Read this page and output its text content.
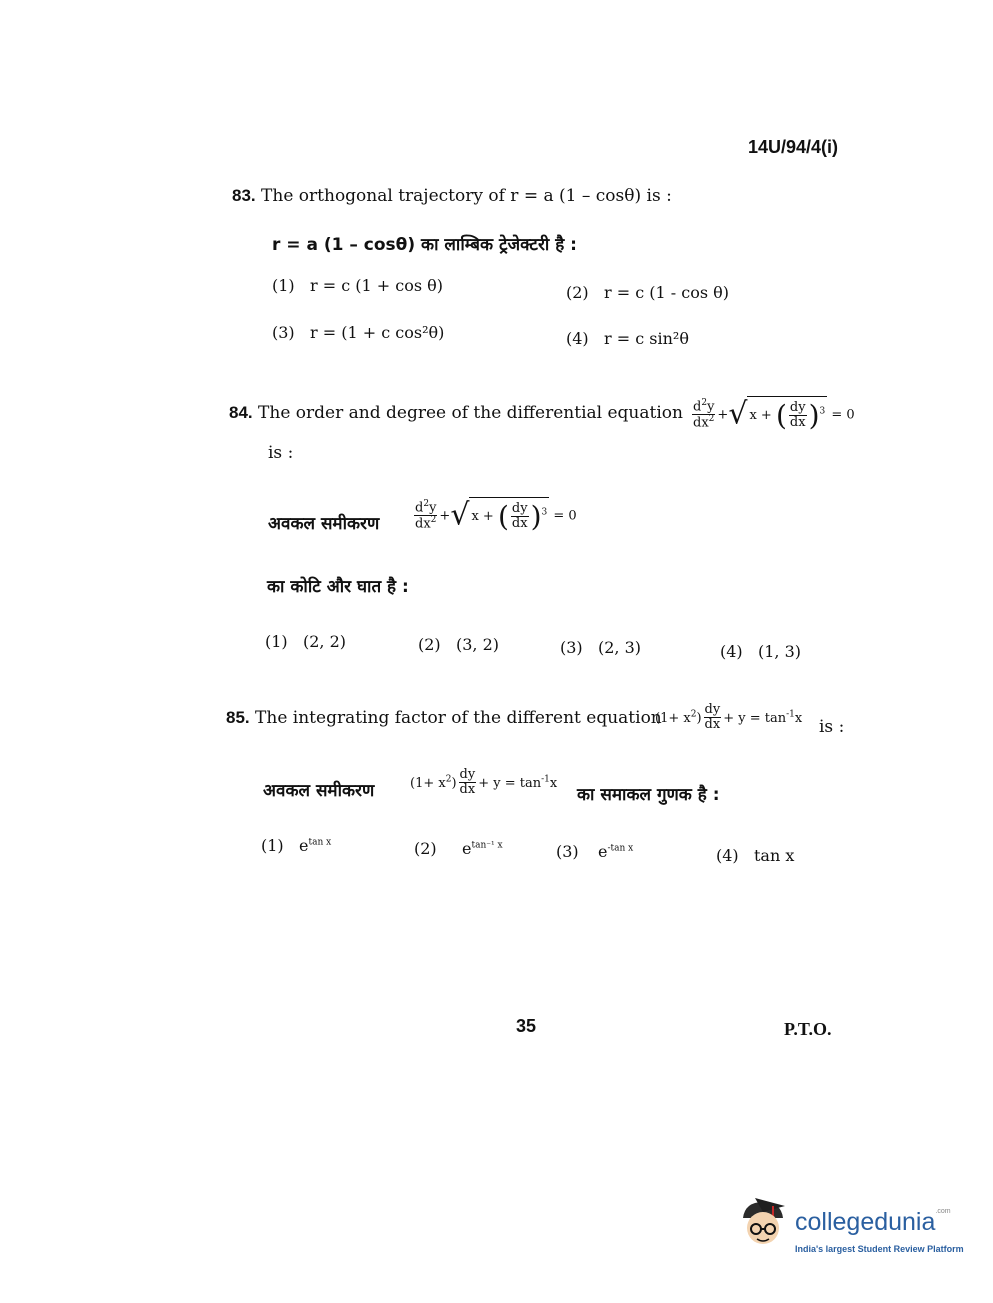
14U/94/4(i)
83. The orthogonal trajectory of r = a (1 – cosθ) is :
r = a (1 – cosθ) का लाम्बिक ट्रेजेक्टरी है :
(1) r = c (1 + cos θ)	(2) r = c (1 - cos θ)
(3) r = (1 + c cos²θ)	(4) r = c sin²θ
84. The order and degree of the differential equation $\frac{d^2y}{dx^2}$ +√ x + ( $\frac{dy}{dx} )^3 = 0$
is :
अवकल समीकरण	$\frac{d^2y}{dx^2}$ +√ x + ( $\frac{dy}{dx} )^3 = 0$
का कोटि और घात है :
(1) (2, 2)	(2) (3, 2)	(3) (2, 3)	(4) (1, 3)
85. The integrating factor of the different equation
$(1+ x^2) \frac{dy}{dx} + y = \tan^{-1}x$ is :
अवकल समीकरण	$(1+ x^2) \frac{dy}{dx} + y = \tan^{-1}x$
का समाकल गुणक है :
(1) $e^{tan x}$	(2) $e^{tan^{-1} x}$	(3) $e^{-tan x}$	(4) tan x
35	P.T.O.
collegedunia$^{.com}$
India's largest Student Review Platform
